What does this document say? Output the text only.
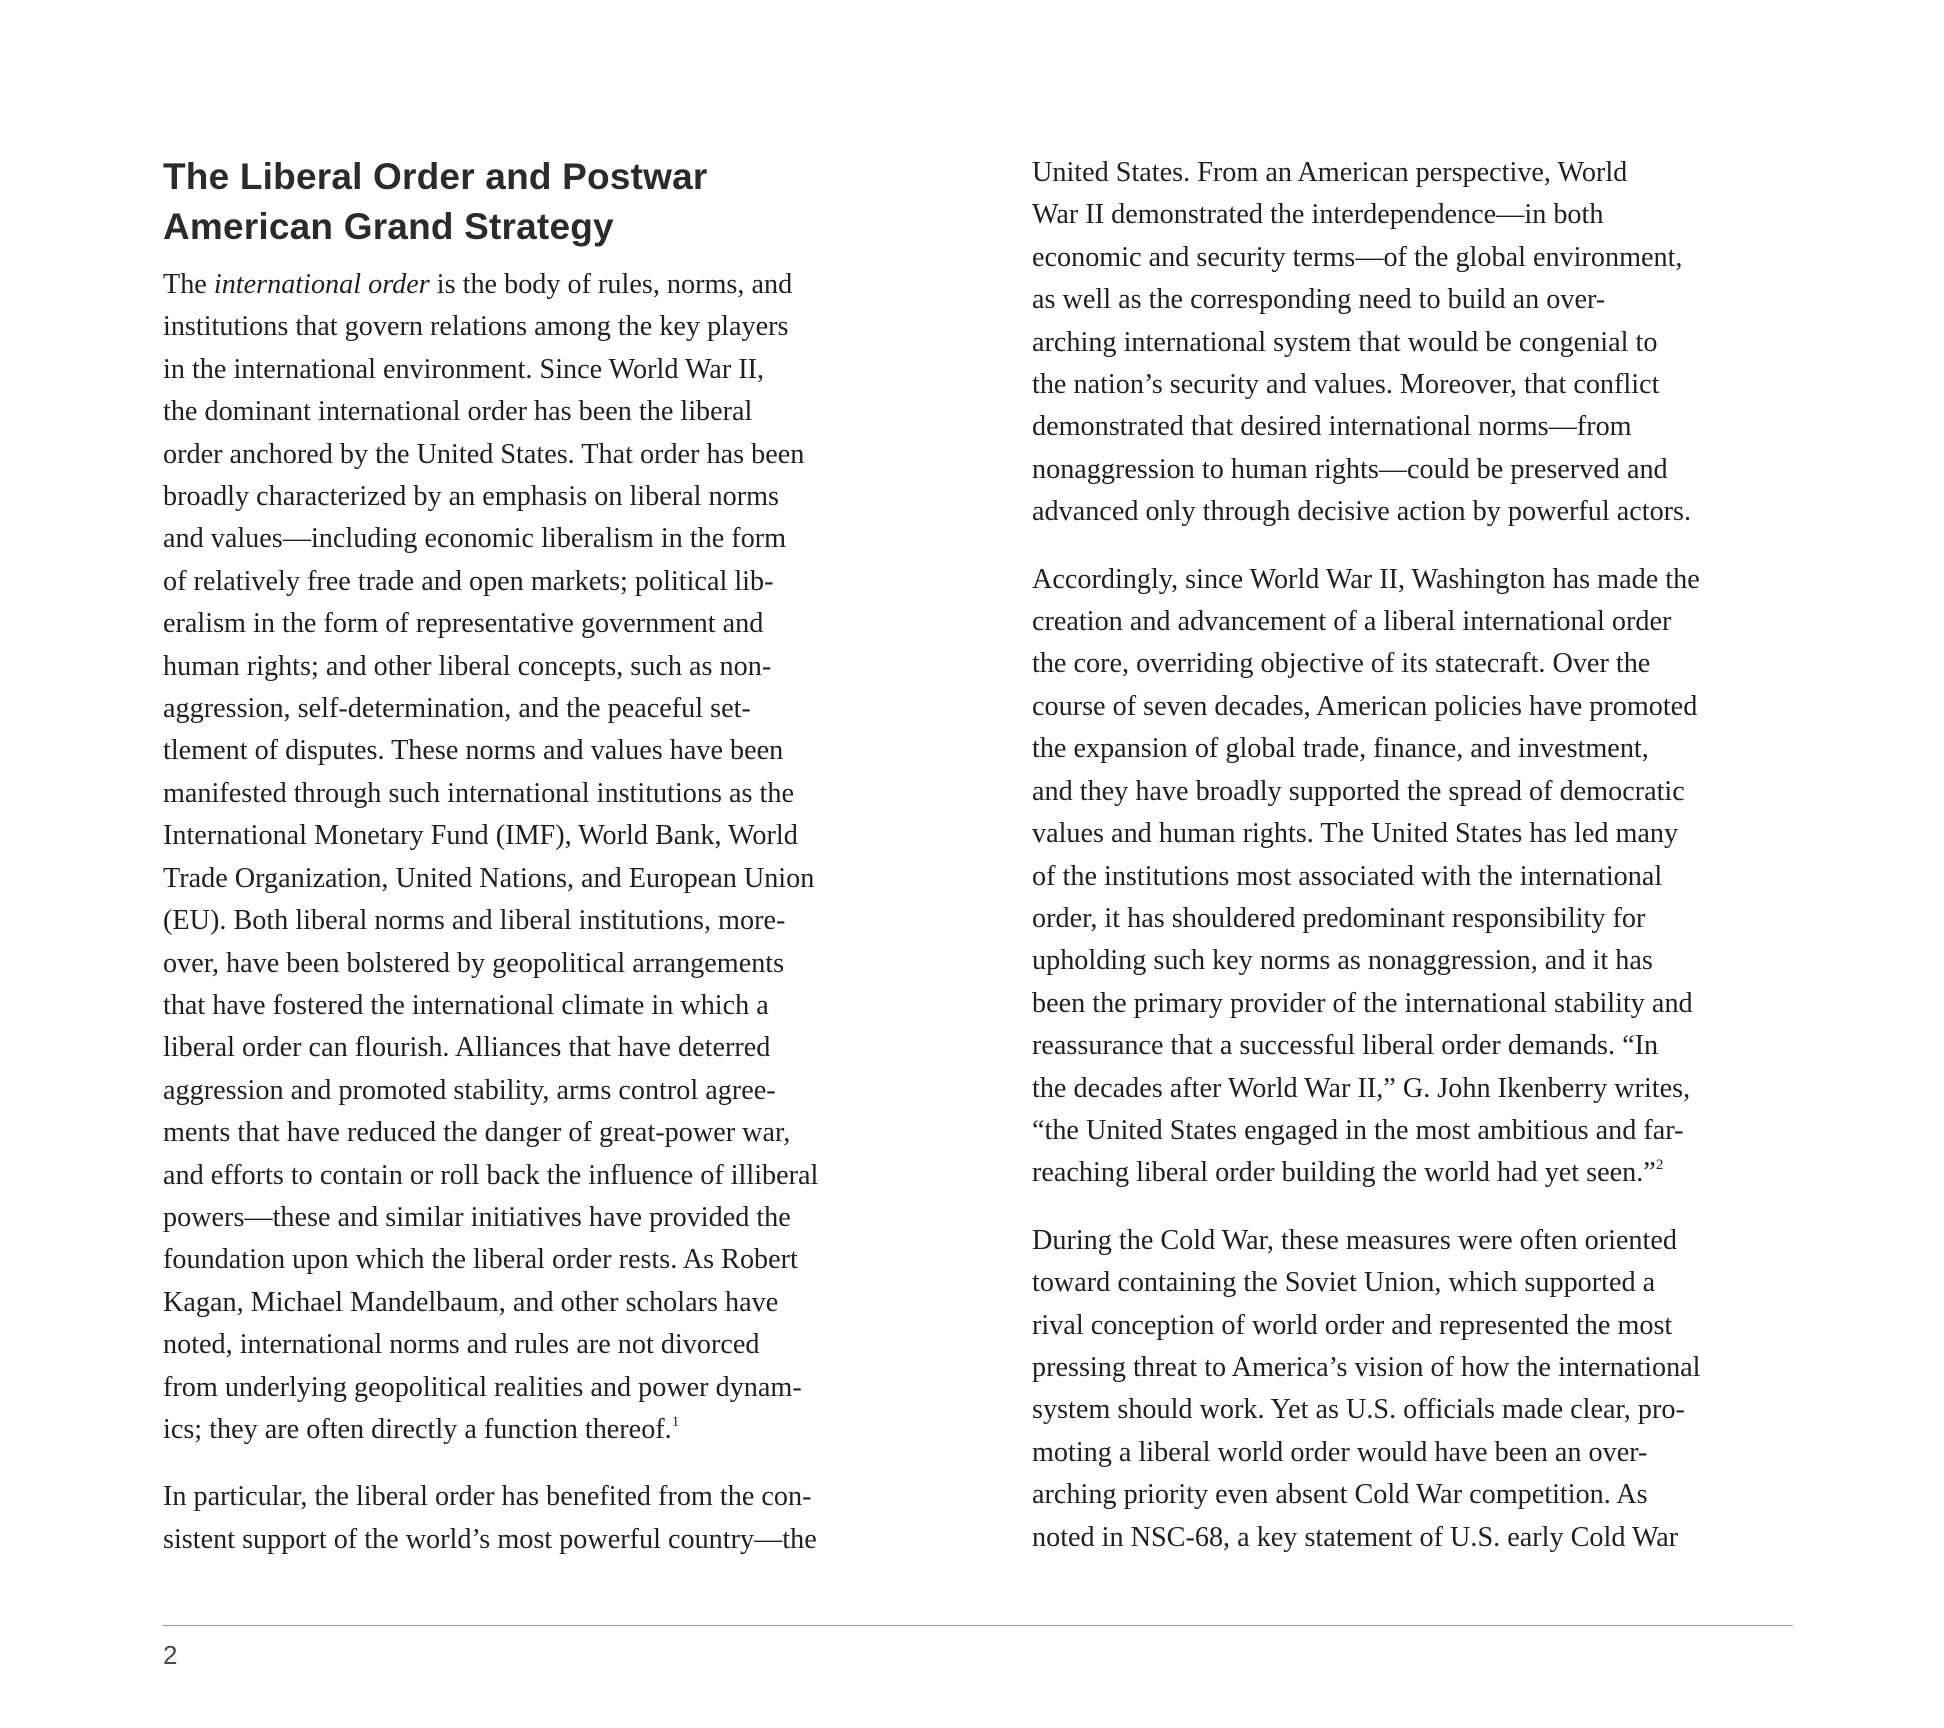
The Liberal Order and Postwar
American Grand Strategy
The international order is the body of rules, norms, and
institutions that govern relations among the key players
in the international environment. Since World War II,
the dominant international order has been the liberal
order anchored by the United States. That order has been
broadly characterized by an emphasis on liberal norms
and values—including economic liberalism in the form
of relatively free trade and open markets; political lib-
eralism in the form of representative government and
human rights; and other liberal concepts, such as non-
aggression, self-determination, and the peaceful set-
tlement of disputes. These norms and values have been
manifested through such international institutions as the
International Monetary Fund (IMF), World Bank, World
Trade Organization, United Nations, and European Union
(EU). Both liberal norms and liberal institutions, more-
over, have been bolstered by geopolitical arrangements
that have fostered the international climate in which a
liberal order can flourish. Alliances that have deterred
aggression and promoted stability, arms control agree-
ments that have reduced the danger of great-power war,
and efforts to contain or roll back the influence of illiberal
powers—these and similar initiatives have provided the
foundation upon which the liberal order rests. As Robert
Kagan, Michael Mandelbaum, and other scholars have
noted, international norms and rules are not divorced
from underlying geopolitical realities and power dynam-
ics; they are often directly a function thereof.$^1$
In particular, the liberal order has benefited from the con-
sistent support of the world’s most powerful country—the
United States. From an American perspective, World
War II demonstrated the interdependence—in both
economic and security terms—of the global environment,
as well as the corresponding need to build an over-
arching international system that would be congenial to
the nation’s security and values. Moreover, that conflict
demonstrated that desired international norms—from
nonaggression to human rights—could be preserved and
advanced only through decisive action by powerful actors.
Accordingly, since World War II, Washington has made the
creation and advancement of a liberal international order
the core, overriding objective of its statecraft. Over the
course of seven decades, American policies have promoted
the expansion of global trade, finance, and investment,
and they have broadly supported the spread of democratic
values and human rights. The United States has led many
of the institutions most associated with the international
order, it has shouldered predominant responsibility for
upholding such key norms as nonaggression, and it has
been the primary provider of the international stability and
reassurance that a successful liberal order demands. “In
the decades after World War II,” G. John Ikenberry writes,
“the United States engaged in the most ambitious and far-
reaching liberal order building the world had yet seen.”$^2$
During the Cold War, these measures were often oriented
toward containing the Soviet Union, which supported a
rival conception of world order and represented the most
pressing threat to America’s vision of how the international
system should work. Yet as U.S. officials made clear, pro-
moting a liberal world order would have been an over-
arching priority even absent Cold War competition. As
noted in NSC-68, a key statement of U.S. early Cold War
2
